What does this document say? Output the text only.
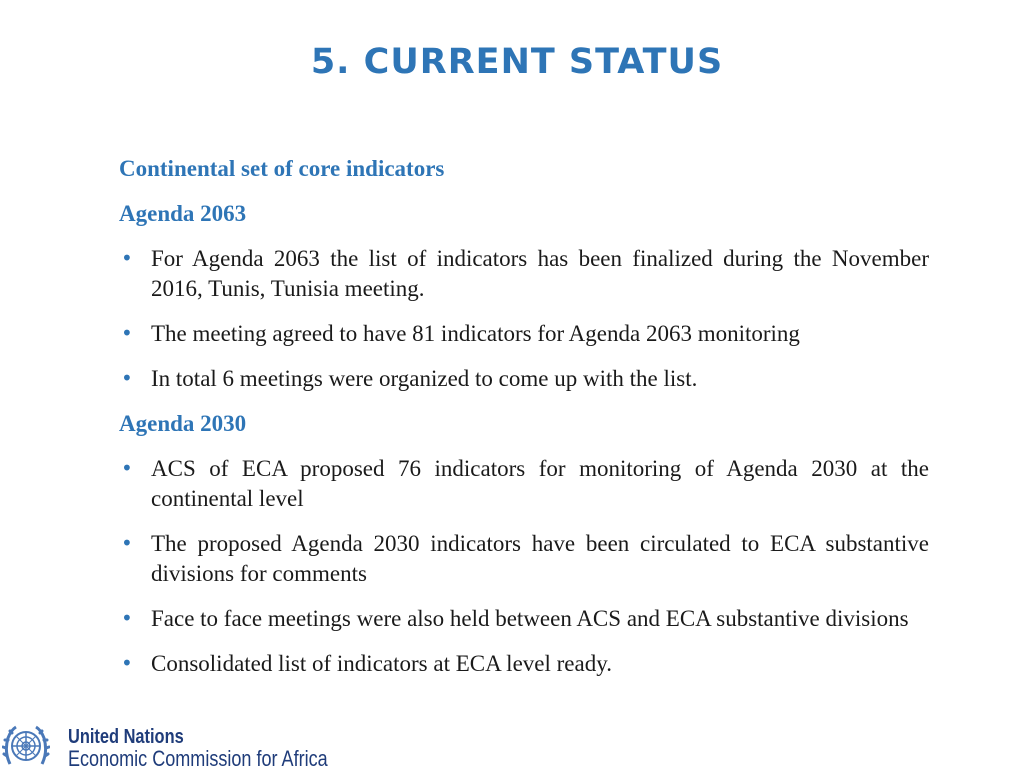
5. CURRENT STATUS
Continental set of core indicators
Agenda 2063
• For Agenda 2063 the list of indicators has been finalized during the November 2016, Tunis, Tunisia meeting.
• The meeting agreed to have 81 indicators for Agenda 2063 monitoring
• In total 6 meetings were organized to come up with the list.
Agenda 2030
• ACS of ECA proposed 76 indicators for monitoring of Agenda 2030 at the continental level
• The proposed Agenda 2030 indicators have been circulated to ECA substantive divisions for comments
• Face to face meetings were also held between ACS and ECA substantive divisions
• Consolidated list of indicators at ECA level ready.
United Nations
Economic Commission for Africa
